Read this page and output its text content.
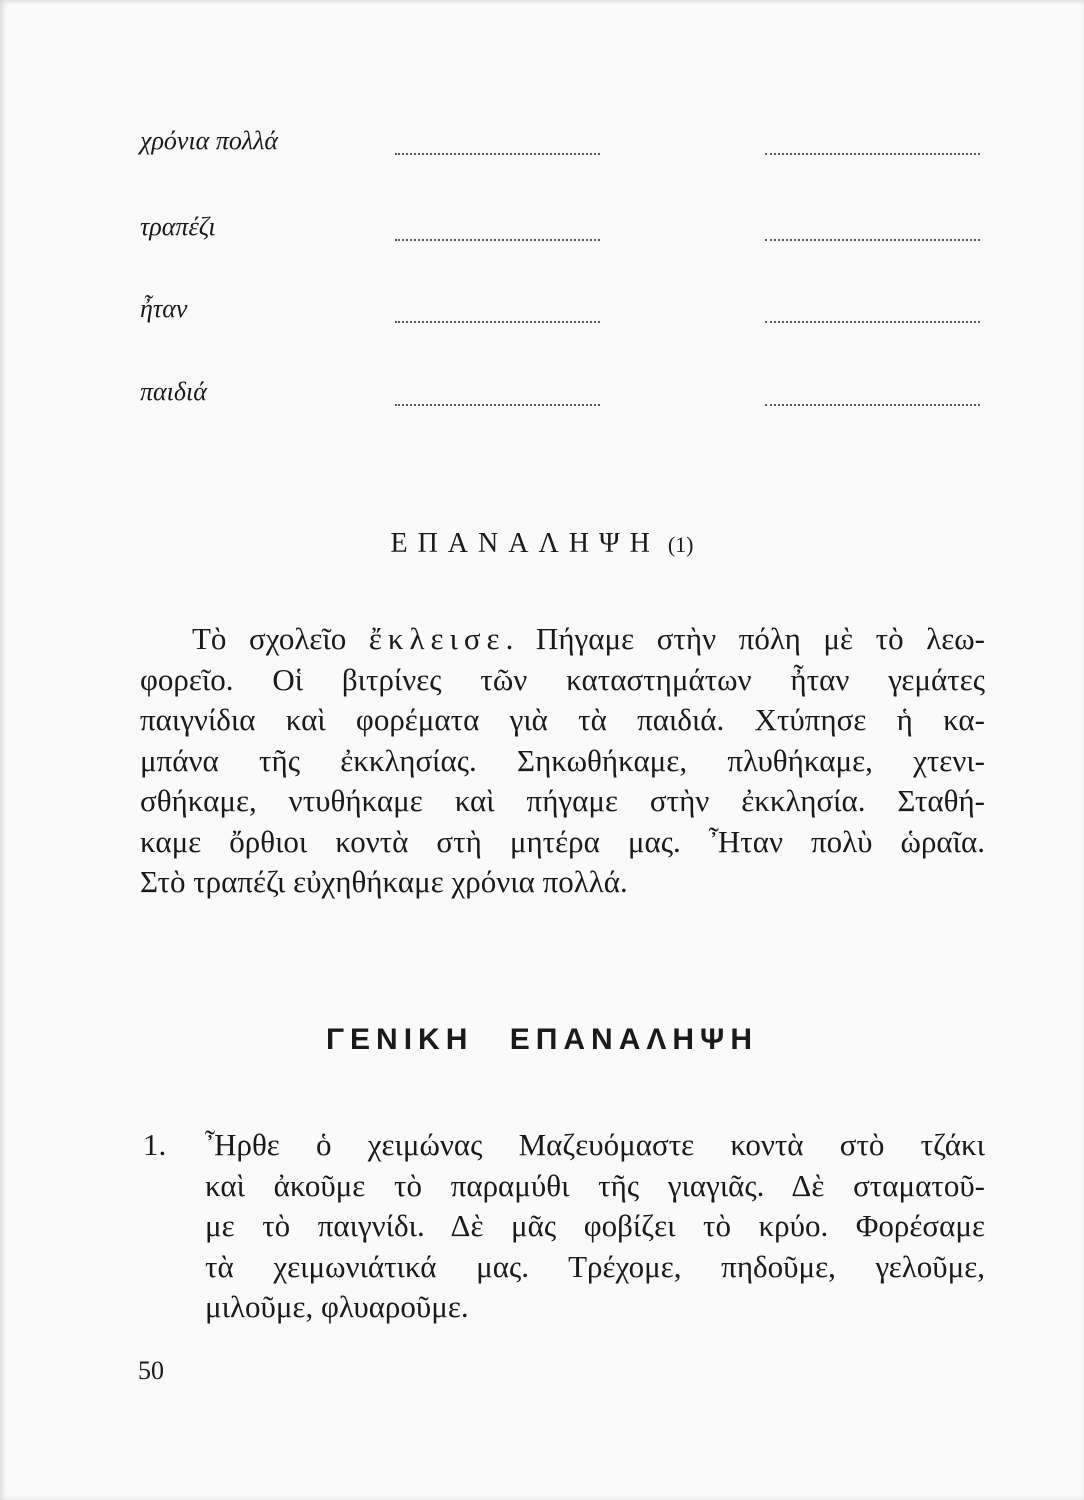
χρόνια πολλά
τραπέζι
ἦταν
παιδιά
ΕΠΑΝΑΛΗΨΗ (1)
Τὸ σχολεῖο ἔκλεισε. Πήγαμε στὴν πόλη μὲ τὸ λεω-
φορεῖο. Οἱ βιτρίνες τῶν καταστημάτων ἦταν γεμάτες
παιγνίδια καὶ φορέματα γιὰ τὰ παιδιά. Χτύπησε ἡ κα-
μπάνα τῆς ἐκκλησίας. Σηκωθήκαμε, πλυθήκαμε, χτενι-
σθήκαμε, ντυθήκαμε καὶ πήγαμε στὴν ἐκκλησία. Σταθή-
καμε ὄρθιοι κοντὰ στὴ μητέρα μας. Ἦταν πολὺ ὡραῖα.
Στὸ τραπέζι εὐχηθήκαμε χρόνια πολλά.
ΓΕΝΙΚΗ ΕΠΑΝΑΛΗΨΗ
1. Ἦρθε ὁ χειμώνας Μαζευόμαστε κοντὰ στὸ τζάκι
καὶ ἀκοῦμε τὸ παραμύθι τῆς γιαγιᾶς. Δὲ σταματοῦ-
με τὸ παιγνίδι. Δὲ μᾶς φοβίζει τὸ κρύο. Φορέσαμε
τὰ χειμωνιάτικά μας. Τρέχομε, πηδοῦμε, γελοῦμε,
μιλοῦμε, φλυαροῦμε.
50
